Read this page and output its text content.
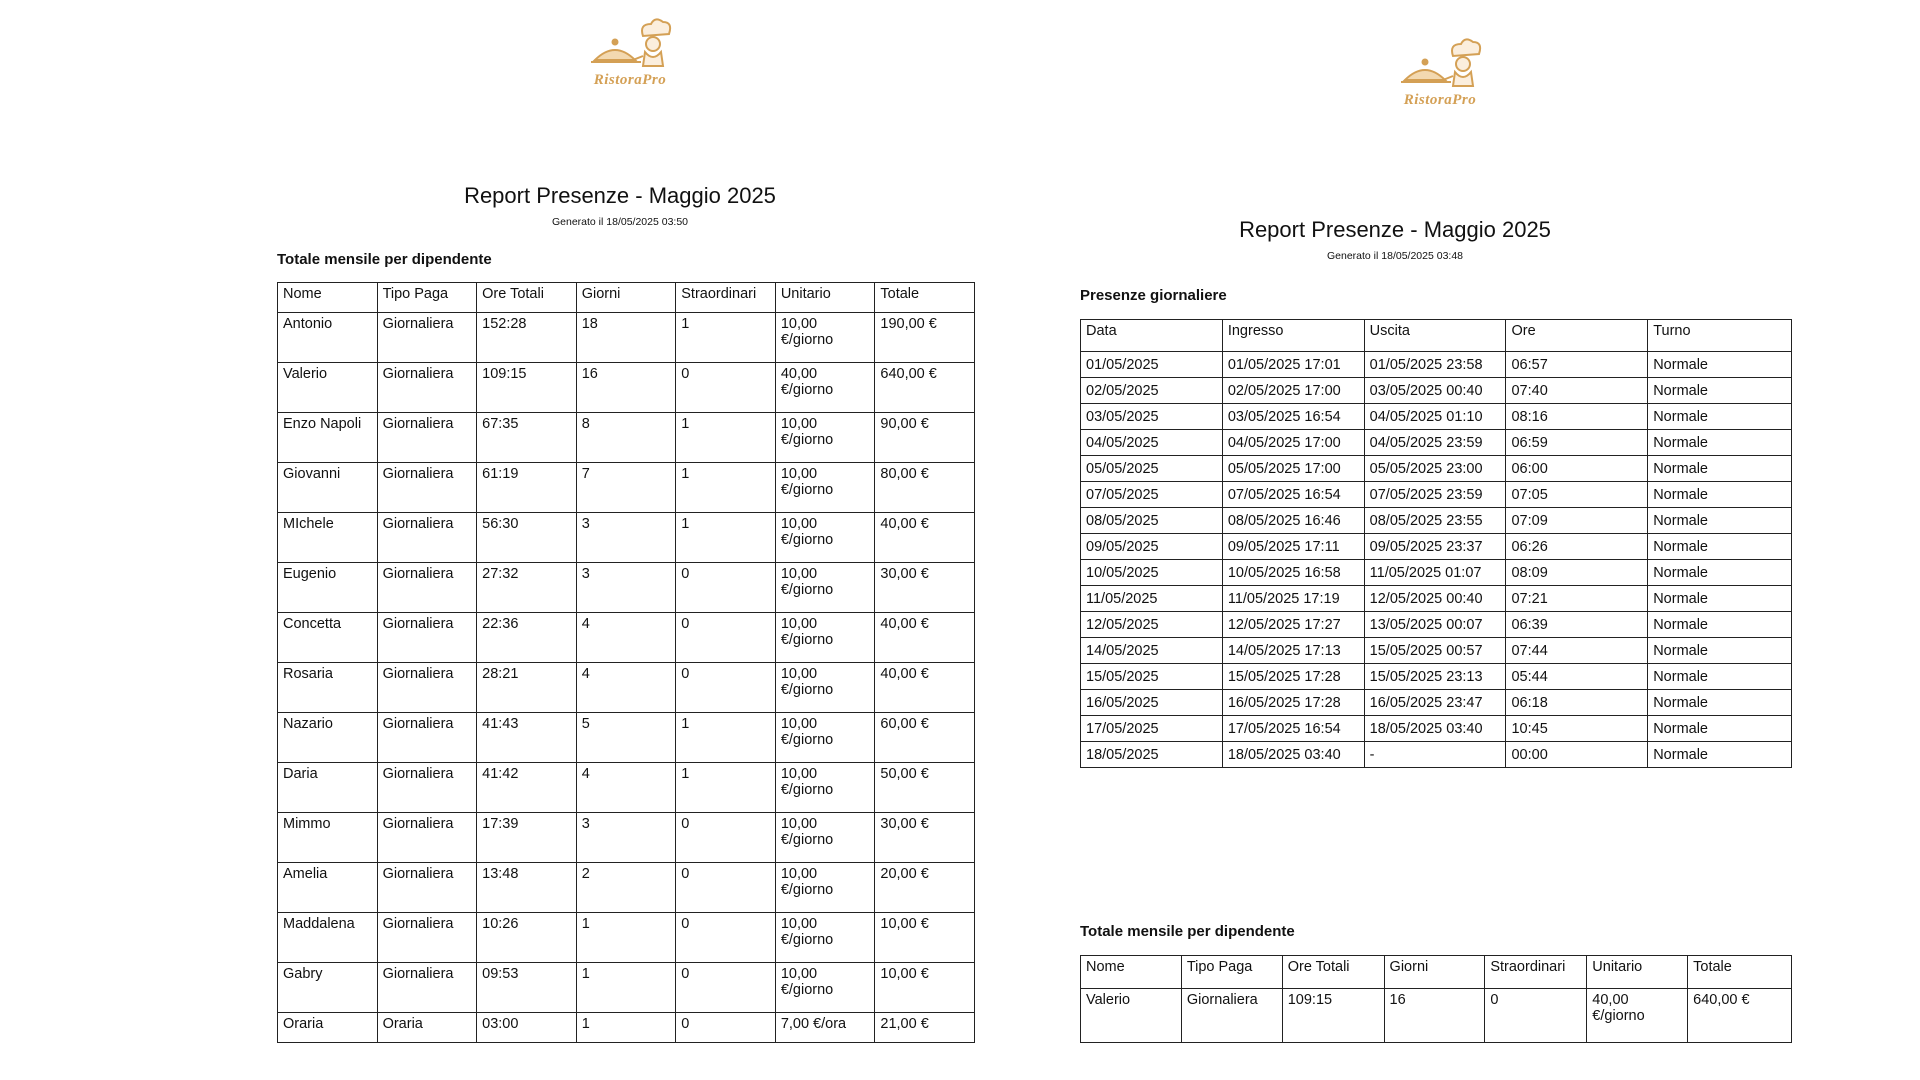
RistoraPro
Report Presenze - Maggio 2025
Generato il 18/05/2025 03:50
Totale mensile per dipendente
Nome	Tipo Paga	Ore Totali	Giorni	Straordinari	Unitario	Totale
Antonio	Giornaliera	152:28	18	1	10,00 €/giorno	190,00 €
Valerio	Giornaliera	109:15	16	0	40,00 €/giorno	640,00 €
Enzo Napoli	Giornaliera	67:35	8	1	10,00 €/giorno	90,00 €
Giovanni	Giornaliera	61:19	7	1	10,00 €/giorno	80,00 €
MIchele	Giornaliera	56:30	3	1	10,00 €/giorno	40,00 €
Eugenio	Giornaliera	27:32	3	0	10,00 €/giorno	30,00 €
Concetta	Giornaliera	22:36	4	0	10,00 €/giorno	40,00 €
Rosaria	Giornaliera	28:21	4	0	10,00 €/giorno	40,00 €
Nazario	Giornaliera	41:43	5	1	10,00 €/giorno	60,00 €
Daria	Giornaliera	41:42	4	1	10,00 €/giorno	50,00 €
Mimmo	Giornaliera	17:39	3	0	10,00 €/giorno	30,00 €
Amelia	Giornaliera	13:48	2	0	10,00 €/giorno	20,00 €
Maddalena	Giornaliera	10:26	1	0	10,00 €/giorno	10,00 €
Gabry	Giornaliera	09:53	1	0	10,00 €/giorno	10,00 €
Oraria	Oraria	03:00	1	0	7,00 €/ora	21,00 €
RistoraPro
Report Presenze - Maggio 2025
Generato il 18/05/2025 03:48
Presenze giornaliere
Data	Ingresso	Uscita	Ore	Turno
01/05/2025	01/05/2025 17:01	01/05/2025 23:58	06:57	Normale
02/05/2025	02/05/2025 17:00	03/05/2025 00:40	07:40	Normale
03/05/2025	03/05/2025 16:54	04/05/2025 01:10	08:16	Normale
04/05/2025	04/05/2025 17:00	04/05/2025 23:59	06:59	Normale
05/05/2025	05/05/2025 17:00	05/05/2025 23:00	06:00	Normale
07/05/2025	07/05/2025 16:54	07/05/2025 23:59	07:05	Normale
08/05/2025	08/05/2025 16:46	08/05/2025 23:55	07:09	Normale
09/05/2025	09/05/2025 17:11	09/05/2025 23:37	06:26	Normale
10/05/2025	10/05/2025 16:58	11/05/2025 01:07	08:09	Normale
11/05/2025	11/05/2025 17:19	12/05/2025 00:40	07:21	Normale
12/05/2025	12/05/2025 17:27	13/05/2025 00:07	06:39	Normale
14/05/2025	14/05/2025 17:13	15/05/2025 00:57	07:44	Normale
15/05/2025	15/05/2025 17:28	15/05/2025 23:13	05:44	Normale
16/05/2025	16/05/2025 17:28	16/05/2025 23:47	06:18	Normale
17/05/2025	17/05/2025 16:54	18/05/2025 03:40	10:45	Normale
18/05/2025	18/05/2025 03:40	-	00:00	Normale
Totale mensile per dipendente
Nome	Tipo Paga	Ore Totali	Giorni	Straordinari	Unitario	Totale
Valerio	Giornaliera	109:15	16	0	40,00 €/giorno	640,00 €
